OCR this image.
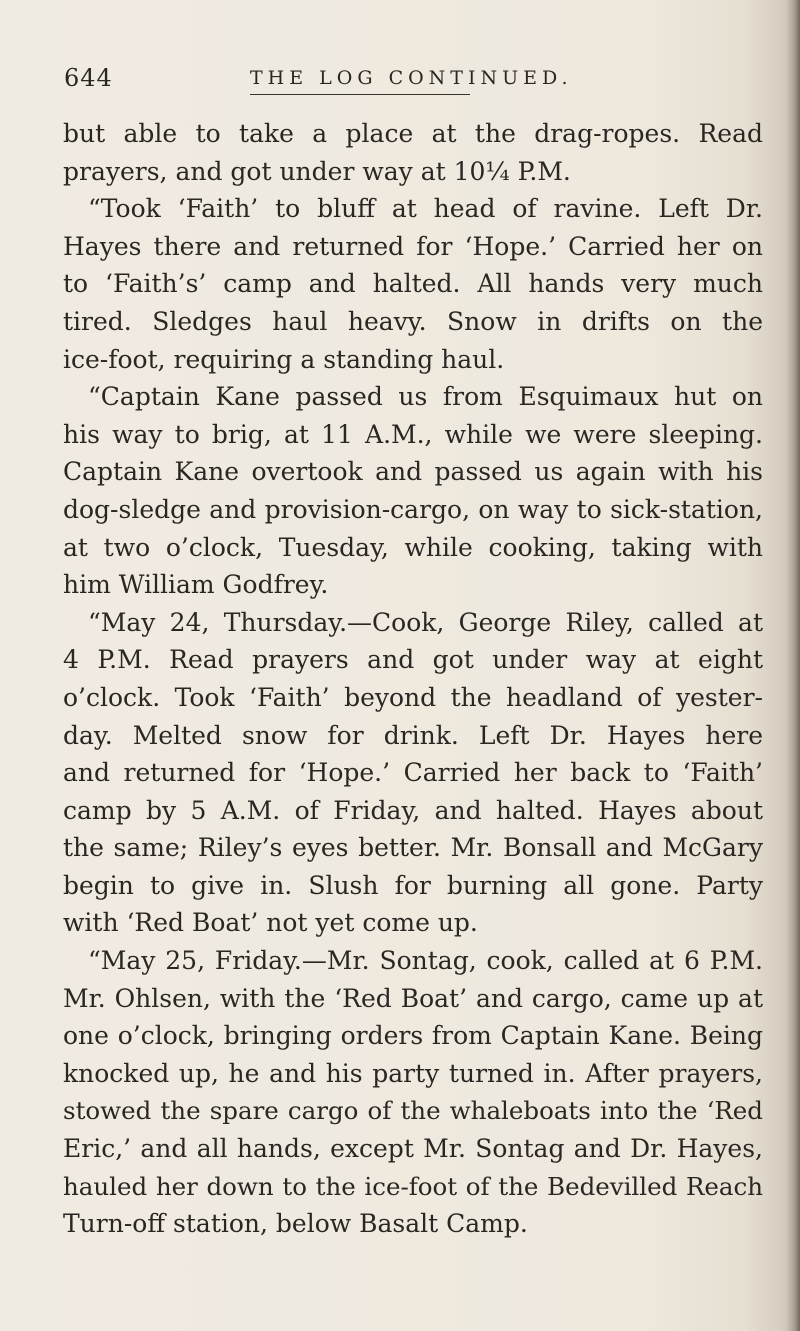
644	THE LOG CONTINUED.
but able to take a place at the drag-ropes. Read
prayers, and got under way at 10¼ P.M.
“Took ‘Faith’ to bluff at head of ravine. Left Dr.
Hayes there and returned for ‘Hope.’ Carried her on
to ‘Faith’s’ camp and halted. All hands very much
tired. Sledges haul heavy. Snow in drifts on the
ice-foot, requiring a standing haul.
“Captain Kane passed us from Esquimaux hut on
his way to brig, at 11 A.M., while we were sleeping.
Captain Kane overtook and passed us again with his
dog-sledge and provision-cargo, on way to sick-station,
at two o’clock, Tuesday, while cooking, taking with
him William Godfrey.
“May 24, Thursday.—Cook, George Riley, called at
4 P.M. Read prayers and got under way at eight
o’clock. Took ‘Faith’ beyond the headland of yester-
day. Melted snow for drink. Left Dr. Hayes here
and returned for ‘Hope.’ Carried her back to ‘Faith’
camp by 5 A.M. of Friday, and halted. Hayes about
the same; Riley’s eyes better. Mr. Bonsall and McGary
begin to give in. Slush for burning all gone. Party
with ‘Red Boat’ not yet come up.
“May 25, Friday.—Mr. Sontag, cook, called at 6 P.M.
Mr. Ohlsen, with the ‘Red Boat’ and cargo, came up at
one o’clock, bringing orders from Captain Kane. Being
knocked up, he and his party turned in. After prayers,
stowed the spare cargo of the whaleboats into the ‘Red
Eric,’ and all hands, except Mr. Sontag and Dr. Hayes,
hauled her down to the ice-foot of the Bedevilled Reach
Turn-off station, below Basalt Camp.
